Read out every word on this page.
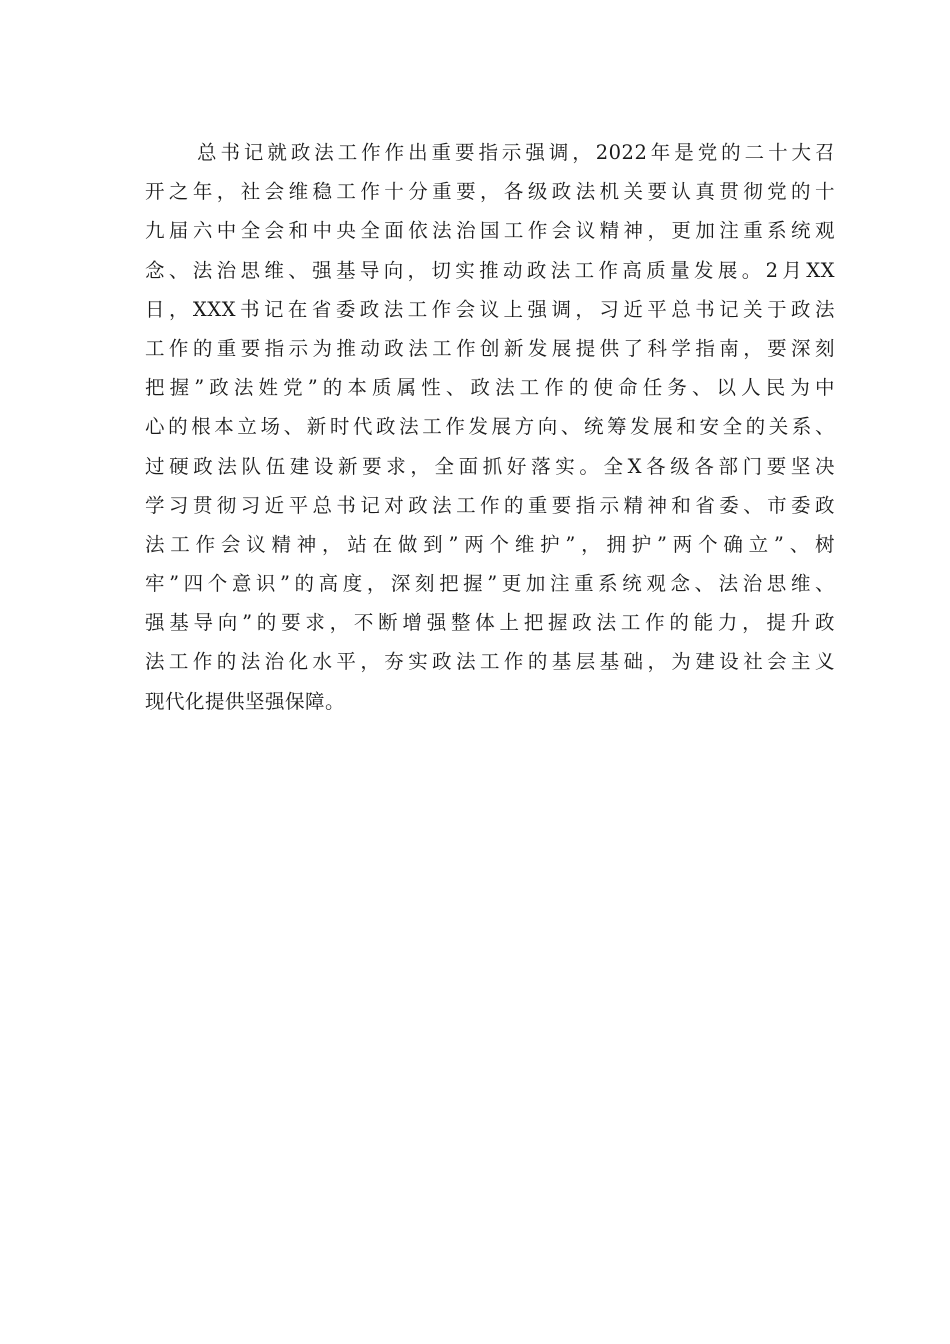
总书记就政法工作作出重要指示强调，2022年是党的二十大召
开之年，社会维稳工作十分重要，各级政法机关要认真贯彻党的十
九届六中全会和中央全面依法治国工作会议精神，更加注重系统观
念、法治思维、强基导向，切实推动政法工作高质量发展。2月XX
日，XXX书记在省委政法工作会议上强调，习近平总书记关于政法
工作的重要指示为推动政法工作创新发展提供了科学指南，要深刻
把握”政法姓党”的本质属性、政法工作的使命任务、以人民为中
心的根本立场、新时代政法工作发展方向、统筹发展和安全的关系、
过硬政法队伍建设新要求，全面抓好落实。全X各级各部门要坚决
学习贯彻习近平总书记对政法工作的重要指示精神和省委、市委政
法工作会议精神，站在做到”两个维护”，拥护”两个确立”、树
牢”四个意识”的高度，深刻把握”更加注重系统观念、法治思维、
强基导向”的要求，不断增强整体上把握政法工作的能力，提升政
法工作的法治化水平，夯实政法工作的基层基础，为建设社会主义
现代化提供坚强保障。
